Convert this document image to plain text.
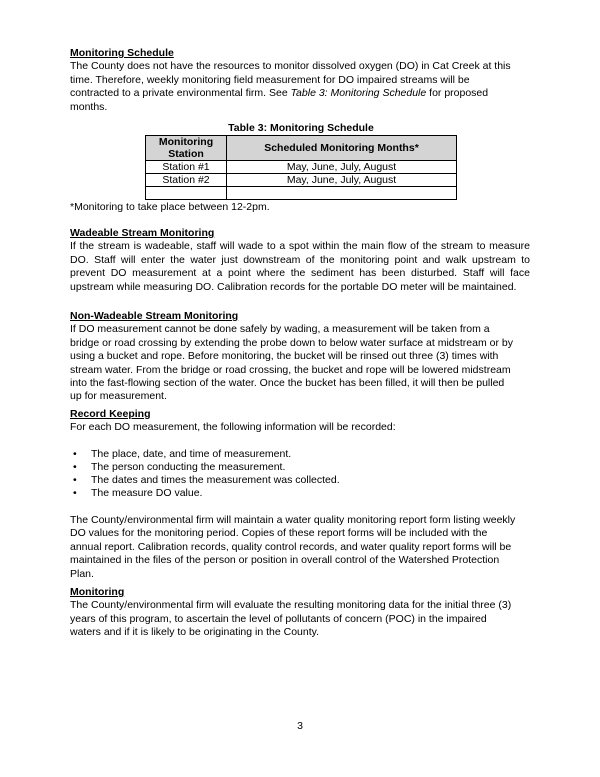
Monitoring Schedule

The County does not have the resources to monitor dissolved oxygen (DO) in Cat Creek at this

time. Therefore, weekly monitoring field measurement for DO impaired streams will be

contracted to a private environmental firm. See Table 3: Monitoring Schedule for proposed

months.

Table 3: Monitoring Schedule
Monitoring Station	Scheduled Monitoring Months*
Station #1	May, June, July, August
Station #2	May, June, July, August

*Monitoring to take place between 12-2pm.

Wadeable Stream Monitoring

If the stream is wadeable, staff will wade to a spot within the main flow of the stream to measure DO. Staff will enter the water just downstream of the monitoring point and walk upstream to prevent DO measurement at a point where the sediment has been disturbed. Staff will face upstream while measuring DO. Calibration records for the portable DO meter will be maintained.

Non-Wadeable Stream Monitoring

If DO measurement cannot be done safely by wading, a measurement will be taken from a

bridge or road crossing by extending the probe down to below water surface at midstream or by

using a bucket and rope. Before monitoring, the bucket will be rinsed out three (3) times with

stream water. From the bridge or road crossing, the bucket and rope will be lowered midstream

into the fast-flowing section of the water. Once the bucket has been filled, it will then be pulled

up for measurement.

Record Keeping

For each DO measurement, the following information will be recorded:

• The place, date, and time of measurement.
• The person conducting the measurement.
• The dates and times the measurement was collected.
• The measure DO value.

The County/environmental firm will maintain a water quality monitoring report form listing weekly

DO values for the monitoring period. Copies of these report forms will be included with the

annual report. Calibration records, quality control records, and water quality report forms will be

maintained in the files of the person or position in overall control of the Watershed Protection

Plan.

Monitoring

The County/environmental firm will evaluate the resulting monitoring data for the initial three (3)

years of this program, to ascertain the level of pollutants of concern (POC) in the impaired

waters and if it is likely to be originating in the County.

3
